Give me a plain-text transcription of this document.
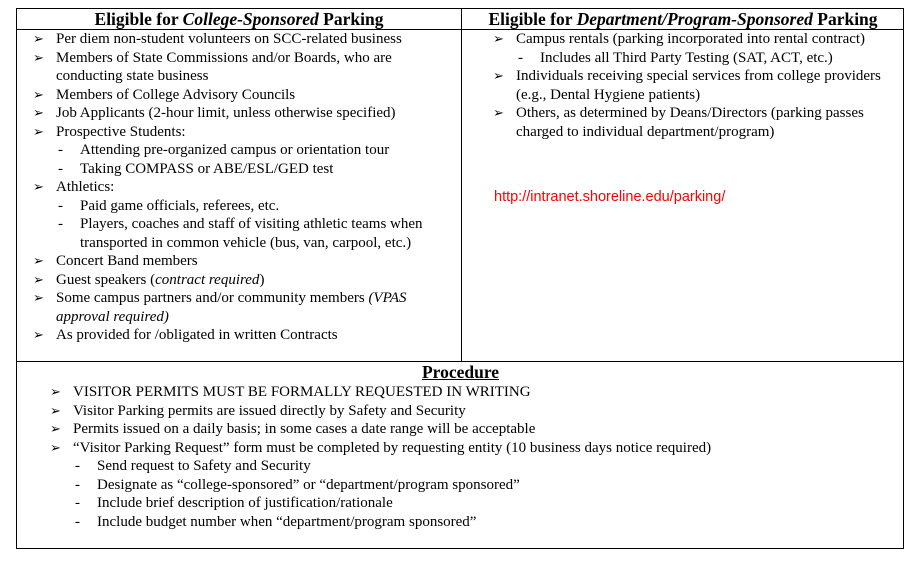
Eligible for College-Sponsored Parking	Eligible for Department/Program-Sponsored Parking
➢ Per diem non-student volunteers on SCC-related business
➢ Members of State Commissions and/or Boards, who are conducting state business
➢ Members of College Advisory Councils
➢ Job Applicants (2-hour limit, unless otherwise specified)
➢ Prospective Students:
- Attending pre-organized campus or orientation tour
- Taking COMPASS or ABE/ESL/GED test
➢ Athletics:
- Paid game officials, referees, etc.
- Players, coaches and staff of visiting athletic teams when transported in common vehicle (bus, van, carpool, etc.)
➢ Concert Band members
➢ Guest speakers (contract required)
➢ Some campus partners and/or community members (VPAS approval required)
➢ As provided for /obligated in written Contracts
➢ Campus rentals (parking incorporated into rental contract)
- Includes all Third Party Testing (SAT, ACT, etc.)
➢ Individuals receiving special services from college providers (e.g., Dental Hygiene patients)
➢ Others, as determined by Deans/Directors (parking passes charged to individual department/program)
http://intranet.shoreline.edu/parking/
Procedure
➢ VISITOR PERMITS MUST BE FORMALLY REQUESTED IN WRITING
➢ Visitor Parking permits are issued directly by Safety and Security
➢ Permits issued on a daily basis; in some cases a date range will be acceptable
➢ “Visitor Parking Request” form must be completed by requesting entity (10 business days notice required)
- Send request to Safety and Security
- Designate as “college-sponsored” or “department/program sponsored”
- Include brief description of justification/rationale
- Include budget number when “department/program sponsored”
